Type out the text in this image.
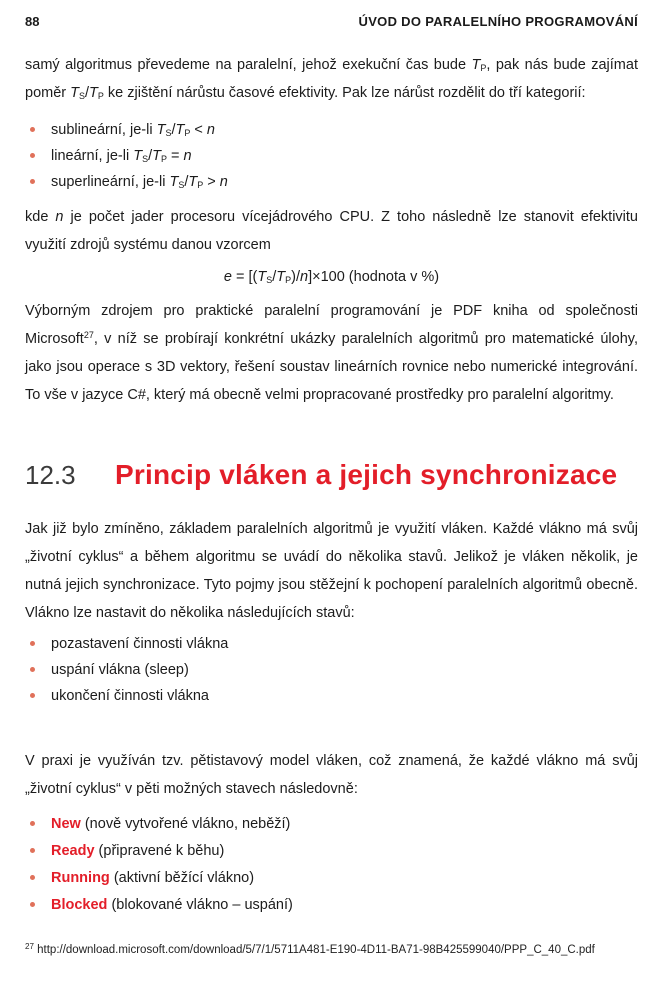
88	ÚVOD DO PARALELNÍHO PROGRAMOVÁNÍ

samý algoritmus převedeme na paralelní, jehož exekuční čas bude $T_P$, pak nás bude zajímat poměr $T_S/T_P$ ke zjištění nárůstu časové efektivity. Pak lze nárůst rozdělit do tří kategorií:

sublineární, je-li $T_S/T_P < n$
lineární, je-li $T_S/T_P = n$
superlineární, je-li $T_S/T_P > n$

kde n je počet jader procesoru vícejádrového CPU. Z toho následně lze stanovit efektivitu využití zdrojů systému danou vzorcem

$e = [(T_S/T_P)/n]\times 100$ (hodnota v %)

Výborným zdrojem pro praktické paralelní programování je PDF kniha od společnosti Microsoft$^{27}$, v níž se probírají konkrétní ukázky paralelních algoritmů pro matematické úlohy, jako jsou operace s 3D vektory, řešení soustav lineárních rovnice nebo numerické integrování. To vše v jazyce C#, který má obecně velmi propracované prostředky pro paralelní algoritmy.

12.3	Princip vláken a jejich synchronizace

Jak již bylo zmíněno, základem paralelních algoritmů je využití vláken. Každé vlákno má svůj „životní cyklus“ a během algoritmu se uvádí do několika stavů. Jelikož je vláken několik, je nutná jejich synchronizace. Tyto pojmy jsou stěžejní k pochopení paralelních algoritmů obecně. Vlákno lze nastavit do několika následujících stavů:

pozastavení činnosti vlákna
uspání vlákna (sleep)
ukončení činnosti vlákna

V praxi je využíván tzv. pětistavový model vláken, což znamená, že každé vlákno má svůj „životní cyklus“ v pěti možných stavech následovně:

New (nově vytvořené vlákno, neběží)
Ready (připravené k běhu)
Running (aktivní běžící vlákno)
Blocked (blokované vlákno – uspání)
$^{27}$ http://download.microsoft.com/download/5/7/1/5711A481-E190-4D11-BA71-98B425599040/PPP_C_40_C.pdf
